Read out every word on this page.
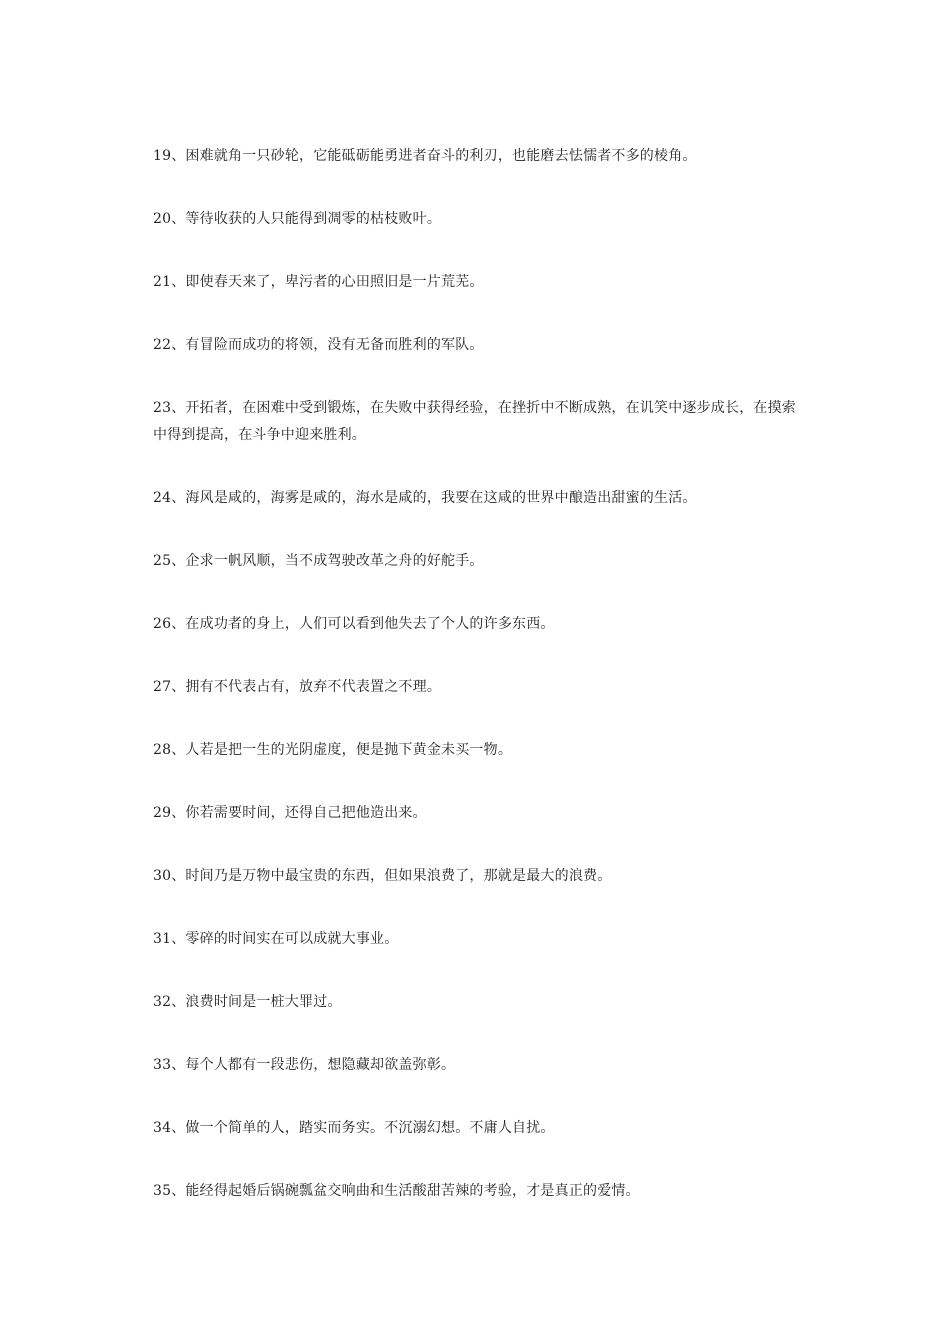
19、困难就角一只砂轮，它能砥砺能勇进者奋斗的利刃，也能磨去怯懦者不多的棱角。

20、等待收获的人只能得到凋零的枯枝败叶。

21、即使春天来了，卑污者的心田照旧是一片荒芜。

22、有冒险而成功的将领，没有无备而胜利的军队。

23、开拓者，在困难中受到锻炼，在失败中获得经验，在挫折中不断成熟，在讥笑中逐步成长，在摸索中得到提高，在斗争中迎来胜利。

24、海风是咸的，海雾是咸的，海水是咸的，我要在这咸的世界中酿造出甜蜜的生活。

25、企求一帆风顺，当不成驾驶改革之舟的好舵手。

26、在成功者的身上，人们可以看到他失去了个人的许多东西。

27、拥有不代表占有，放弃不代表置之不理。

28、人若是把一生的光阴虚度，便是抛下黄金未买一物。

29、你若需要时间，还得自己把他造出来。

30、时间乃是万物中最宝贵的东西，但如果浪费了，那就是最大的浪费。

31、零碎的时间实在可以成就大事业。

32、浪费时间是一桩大罪过。

33、每个人都有一段悲伤，想隐藏却欲盖弥彰。

34、做一个简单的人，踏实而务实。不沉溺幻想。不庸人自扰。

35、能经得起婚后锅碗瓢盆交响曲和生活酸甜苦辣的考验，才是真正的爱情。
